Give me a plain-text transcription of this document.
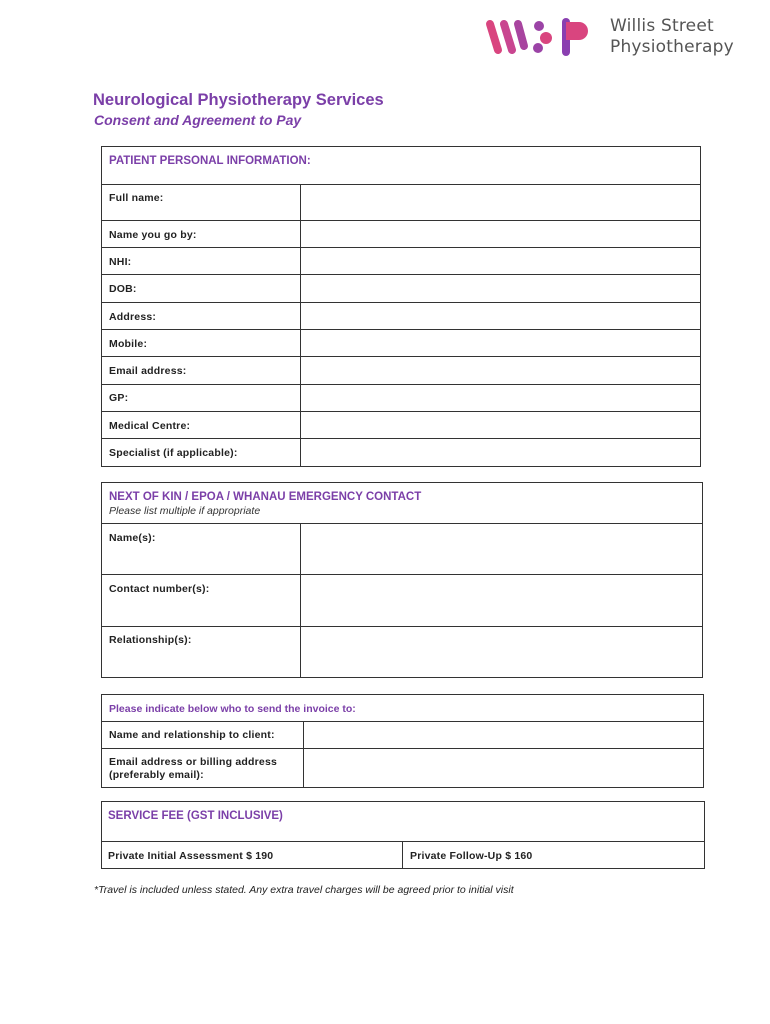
Willis Street
Physiotherapy
Neurological Physiotherapy Services
Consent and Agreement to Pay
PATIENT PERSONAL INFORMATION:
Full name:
Name you go by:
NHI:
DOB:
Address:
Mobile:
Email address:
GP:
Medical Centre:
Specialist (if applicable):
NEXT OF KIN / EPOA / WHANAU EMERGENCY CONTACT
Please list multiple if appropriate
Name(s):
Contact number(s):
Relationship(s):
Please indicate below who to send the invoice to:
Name and relationship to client:
Email address or billing address
(preferably email):
SERVICE FEE (GST INCLUSIVE)
Private Initial Assessment $ 190	Private Follow-Up $ 160
*Travel is included unless stated. Any extra travel charges will be agreed prior to initial visit
